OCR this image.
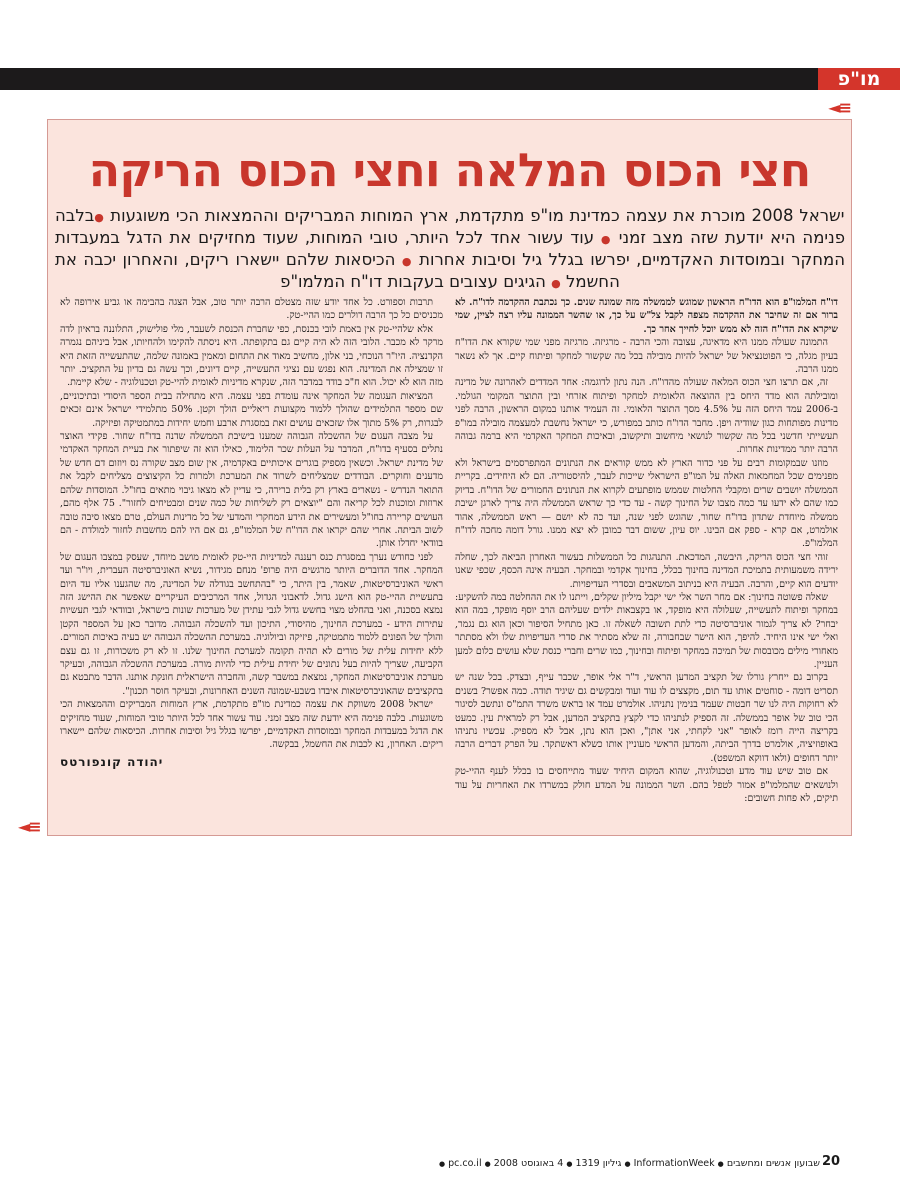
מו"פ
◄≡
חצי הכוס המלאה וחצי הכוס הריקה
ישראל 2008 מוכרת את עצמה כמדינת מו"פ מתקדמת, ארץ המוחות המבריקים וההמצאות הכי משוגעות ●בלבה פנימה היא יודעת שזה מצב זמני ● עוד עשור אחד לכל היותר, טובי המוחות, שעוד מחזיקים את הדגל במעבדות המחקר ובמוסדות האקדמיים, יפרשו בגלל גיל וסיבות אחרות ● הכיסאות שלהם יישארו ריקים, והאחרון יכבה את החשמל ● הגיגים עצובים בעקבות דו"ח המלמו"פ

דו"ח המלמו"פ הוא הדו"ח הראשון שמוגש לממשלה מזה שמונה שנים. כך נכתבת ההקדמה לדו"ח. לא ברור אם זה שחיבר את ההקדמה מצפה לקבל צל"ש על כך, או שהשר הממונה עליו רצה לציין, שמי שיקרא את הדו"ח הזה לא ממש יוכל לחייך אחר כך.

התמונה שעולה ממנו היא מדאיגה, עצובה והכי הרבה - מרגיזה. מרגיזה מפני שמי שקורא את הדו"ח בעיון מגלה, כי הפוטנציאל של ישראל להיות מובילה בכל מה שקשור למחקר ופיתוח קיים. אך לא נשאר ממנו הרבה.

זה, אם תרצו חצי הכוס המלאה שעולה מהדו"ח. הנה נתון לדוגמה: אחד המדדים לאהרונה של מדינה ומובילתה הוא מדד היחס בין ההוצאה הלאומית למחקר ופיתוח אזרחי ובין התוצר המקומי הגולמי. ב-2006 עמד היחס הזה על 4.5% מסך התוצר הלאומי. זה העמיד אותנו במקום הראשון, הרבה לפני מדינות מפותחות כגון שוודיה ויפן. מחבר הדו"ח כותב במפורש, כי ישראל נחשבת למעצמה מובילה במו"פ תעשייתי חדשני בכל מה שקשור לנושאי מיחשוב ותיקשוב, ובאיכות המחקר האקדמי היא ברמה גבוהה הרבה יותר ממדינות אחרות.

מוזנו שבמקומות רבים על פני כדור הארץ לא ממש קוראים את הנתונים המתפרסמים בישראל ולא מפנימים שכל המחמאות האלה על המו"פ הישראלי שייכות לעבר, להיסטוריה. הם לא היחידים. בקריית הממשלה יושבים שרים ומקבלי החלטות שממש מופתעים לקרוא את הנתונים החמורים של הדו"ח. בדיוק כמו שהם לא ידעו עד כמה מצבו של החינוך קשה - עד כדי כך שראש הממשלה היה צריך לארגן ישיבת ממשלה מיוחדת שתדון בדו"ח שחור, שהוגש לפני שנה, ועד כה לא יושם — ראש הממשלה, אהוד אולמרט, אם קרא - ספק אם הבינו. יוס עיון, ששום דבר כמובן לא יצא ממנו. גורל דומה מחכה לדו"ח המלמו"פ.

זוהי חצי הכוס הריקה, היבשה, המדכאת. התנהגות כל הממשלות בעשור האחרון הביאה לכך, שחלה ירידה משמעותית בתמיכת המדינה בחינוך בכלל, בחינוך אקדמי ובמחקר. הבעיה אינה הכסף, שכפי שאנו יודעים הוא קיים, והרבה. הבעיה היא בניתוב המשאבים ובסדרי העדיפויות.

שאלה פשוטה בחינוך: אם מחר השר אלי ישי יקבל מיליון שקלים, וייתנו לו את ההחלטה במה להשקיע: במחקר ופיתוח לתעשייה, שעלולה היא מופקד, או בקצבאות ילדים שעליהם הרב יוסף מופקד, במה הוא יבחר? לא צריך לגמור אוניברסיטה כדי לתת תשובה לשאלה זו. כאן מתחיל הסיפור וכאן הוא גם נגמר, ואלי ישי אינו היחיד. להיפך, הוא הישר שבחבורה, זה שלא מסתיר את סדרי העדיפויות שלו ולא מסתתר מאחורי מילים מכובסות של תמיכה במחקר ופיתוח ובחינוך, כמו שרים וחברי כנסת שלא עושים כלום למען העניין.

בקרוב גם ייחרץ גורלו של תקציב המדען הראשי, ד"ר אלי אופר, שכבר עייף, ובצדק. בכל שנה יש תסריט דומה - סוחטים אותו עד תום, מקצצים לו עוד ועוד ומבקשים גם שיגיד תודה. כמה אפשר? בשנים לא רחוקות היה לנו שר חבטות שעמד בנימין נתניהו. אולמרט עמד או בראש משרד התמ"ס ונתשב לסיגור הכי טוב של אופר בממשלה. זה הספיק לנתניהו כדי לקצץ בתקציב המדען, אבל רק למראית עין. כמעט בקריצה הייה רומז לאופר "אני לקחתי, אני אתן", ואכן הוא נתן, אבל לא מספיק. עכשיו נתניהו באופוזיציה, אולמרט בדרך הביתה, והמדען הראשי מעוניין אותו כשלא דאשתקד. על הפרק דברים הרבה יותר דחופים (ולאו דווקא המשפט).

אם טוב שיש עוד מדע וטכנולוגיה, שהוא המקום היחיד שעוד מתייחסים בו בכלל לענף ההיי-טק ולנושאים שהמלמו"פ אמור לטפל בהם. השר הממונה על המדע חולק במשרדו את האחריות על עוד תיקים, לא פחות חשובים:

תרבות וספורט. כל אחד יודע שזה מצטלם הרבה יותר טוב, אבל הצגה בהבימה או גביע אירופה לא מכניסים כל כך הרבה דולרים כמו ההיי-טק.

אלא שלהיי-טק אין באמת לובי בכנסת, כפי שחברת הכנסת לשעבר, מלי פולישוק, התלוננה בראיון לדה מרקר לא מכבר. הלובי הזה לא היה קיים גם בתקופתה. היא ניסתה להקימו ולהחיותו, אבל ביניהם נגמרה הקדנציה. היו"ר הנוכחי, בני אלון, מחשיב מאוד את התחום ומאמין באמונה שלמה, שהתעשייה הזאת היא זו שמצילה את המדינה. הוא נפגש עם נציגי התעשייה, קיים דיונים, וכך עשה גם בדיון על התקציב. יותר מזה הוא לא יכול. הוא ח"כ בודד במדבר הזה, שנקרא מדיניות לאומית להיי-טק וטכנולוגיה - שלא קיימת.

המציאות העגומה של המחקר אינה עומדת בפני עצמה. היא מתחילה בבית הספר היסודי ובתיכוניים, שם מספר התלמידים שהולך ללמוד מקצועות ריאליים הולך וקטן. 50% מתלמידי ישראל אינם זכאים לבגרות, רק 5% מתוך אלו שזכאים עושים זאת במסגרת ארבע וחמש יחידות במתמטיקה ופיזיקה.

על מצבה העגום של ההשכלה הגבוהה שמענו בישיבת הממשלה שדנה בדו"ח שחור. פקידי האוצר נתלים בסעיף בדו"ח, המדבר על העלות שכר הלימוד, כאילו הוא זה שיפתור את בעיית המחקר האקדמי של מדינת ישראל. וכשאין מספיק בוגרים איכותיים באקדמיה, אין שום מצב שקורה נס ויוזום דם חדש של מדענים וחוקרים. הבודדים שמצליחים לשרוד את המערכת ולמרות כל הקיצוצים מצליחים לקבל את התואר הנדרש - נשארים בארץ רק בלית ברירה, כי עדיין לא מצאו גיבוי מתאים בחו"ל. המוסדות שלהם ארוזות ומוכנות לכל קריאה והם "יוצאים רק לשליחות של כמה שנים ומבטיחים לחזור". 75 אלף מהם, העושים קריירה בחו"ל ומעשירים את הידע המחקרי והמדעי של כל מדינות העולם, טרם מצאו סיבה טובה לשוב הביתה. אחרי שהם יקראו את הדו"ח של המלמו"פ, גם אם היו להם מחשבות לחזור למולדת - הם בוודאי יחדלו אותן.

לפני כחודש נערך במסגרת כנס רעננה למדיניות היי-טק לאומית מושב מיוחד, שעסק במצבו העגום של המחקר. אחד הדוברים היותר מרגשים היה פרופ' מנחם מגידור, נשיא האוניברסיטה העברית, ויו"ר ועד ראשי האוניברסיטאות, שאמר, בין היתר, כי "בהתחשב בגודלה של המדינה, מה שהגענו אליו עד היום בתעשיית ההיי-טק הוא הישג גדול. לדאבוני הגדול, אחד המרכיבים העיקריים שאפשר את ההישג הזה נמצא בסכנה, ואני בהחלט מצוי בחשש גדול לגבי עתידן של מערכות שונות בישראל, ובוודאי לגבי תעשיות עתירות הידע - במערכת החינוך, מהיסודי, התיכון ועד להשכלה הגבוהה. מדובר כאן על המספר הקטן והולך של הפונים ללמוד מתמטיקה, פיזיקה וביולוגיה. במערכת ההשכלה הגבוהה יש בעיה באיכות המורים. ללא יחידות עלית של מורים לא תהיה תקומה למערכת החינוך שלנו. זו לא רק משכורות, זו גם עצם הקביעה, שצריך להיות בעל נתונים של יחידת עילית כדי להיות מורה. במערכת ההשכלה הגבוהה, ובעיקר מערכת אוניברסיטאות המחקר, נמצאת במשבר קשה, והחברה הישראלית חונקת אותנו. הדבר מתבטא גם בתקציבים שהאוניברסיטאות איבדו בשבע-שמונה השנים האחרונות, ובעיקר חוסר תכנון".

ישראל 2008 משווקת את עצמה כמדינת מו"פ מתקדמת, ארץ המוחות המבריקים וההמצאות הכי משוגעות. בלבה פנימה היא יודעת שזה מצב זמני. עוד עשור אחד לכל היותר טובי המוחות, שעוד מחזיקים את הדגל במעבדות המחקר ובמוסדות האקדמיים, יפרשו בגלל גיל וסיבות אחרות. הכיסאות שלהם יישארו ריקים. האחרון, נא לכבות את החשמל, בבקשה.

יהודה קונפורטס
◄≡
20
שבועון אנשים ומחשבים ● InformationWeek ● גיליון 1319 ● 4 באוגוסט 2008 ● pc.co.il ●
